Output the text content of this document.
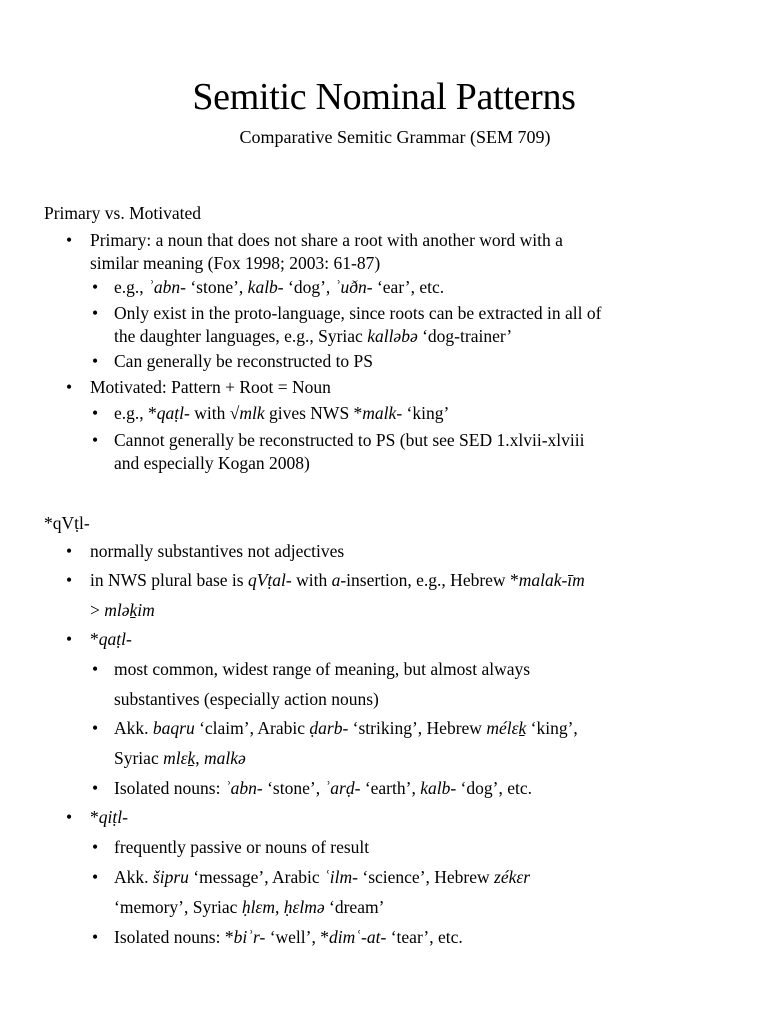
Semitic Nominal Patterns
Comparative Semitic Grammar (SEM 709)
Primary vs. Motivated
• Primary: a noun that does not share a root with another word with a
similar meaning (Fox 1998; 2003: 61-87)
• e.g., ʾabn- ‘stone’, kalb- ‘dog’, ʾuðn- ‘ear’, etc.
• Only exist in the proto-language, since roots can be extracted in all of
the daughter languages, e.g., Syriac kalləbə ‘dog-trainer’
• Can generally be reconstructed to PS
• Motivated: Pattern + Root = Noun
• e.g., *qaṭl- with √mlk gives NWS *malk- ‘king’
• Cannot generally be reconstructed to PS (but see SED 1.xlvii-xlviii
and especially Kogan 2008)
*qVṭl-
• normally substantives not adjectives
• in NWS plural base is qVṭal- with a-insertion, e.g., Hebrew *malak-īm
> mləḵim
• *qaṭl-
• most common, widest range of meaning, but almost always
substantives (especially action nouns)
• Akk. baqru ‘claim’, Arabic ḍarb- ‘striking’, Hebrew mélεḵ ‘king’,
Syriac mlεḵ, malkə
• Isolated nouns: ʾabn- ‘stone’, ʾarḍ- ‘earth’, kalb- ‘dog’, etc.
• *qiṭl-
• frequently passive or nouns of result
• Akk. šipru ‘message’, Arabic ʿilm- ‘science’, Hebrew zékεr
‘memory’, Syriac ḥlεm, ḥεlmə ‘dream’
• Isolated nouns: *biʾr- ‘well’, *dimʿ-at- ‘tear’, etc.
